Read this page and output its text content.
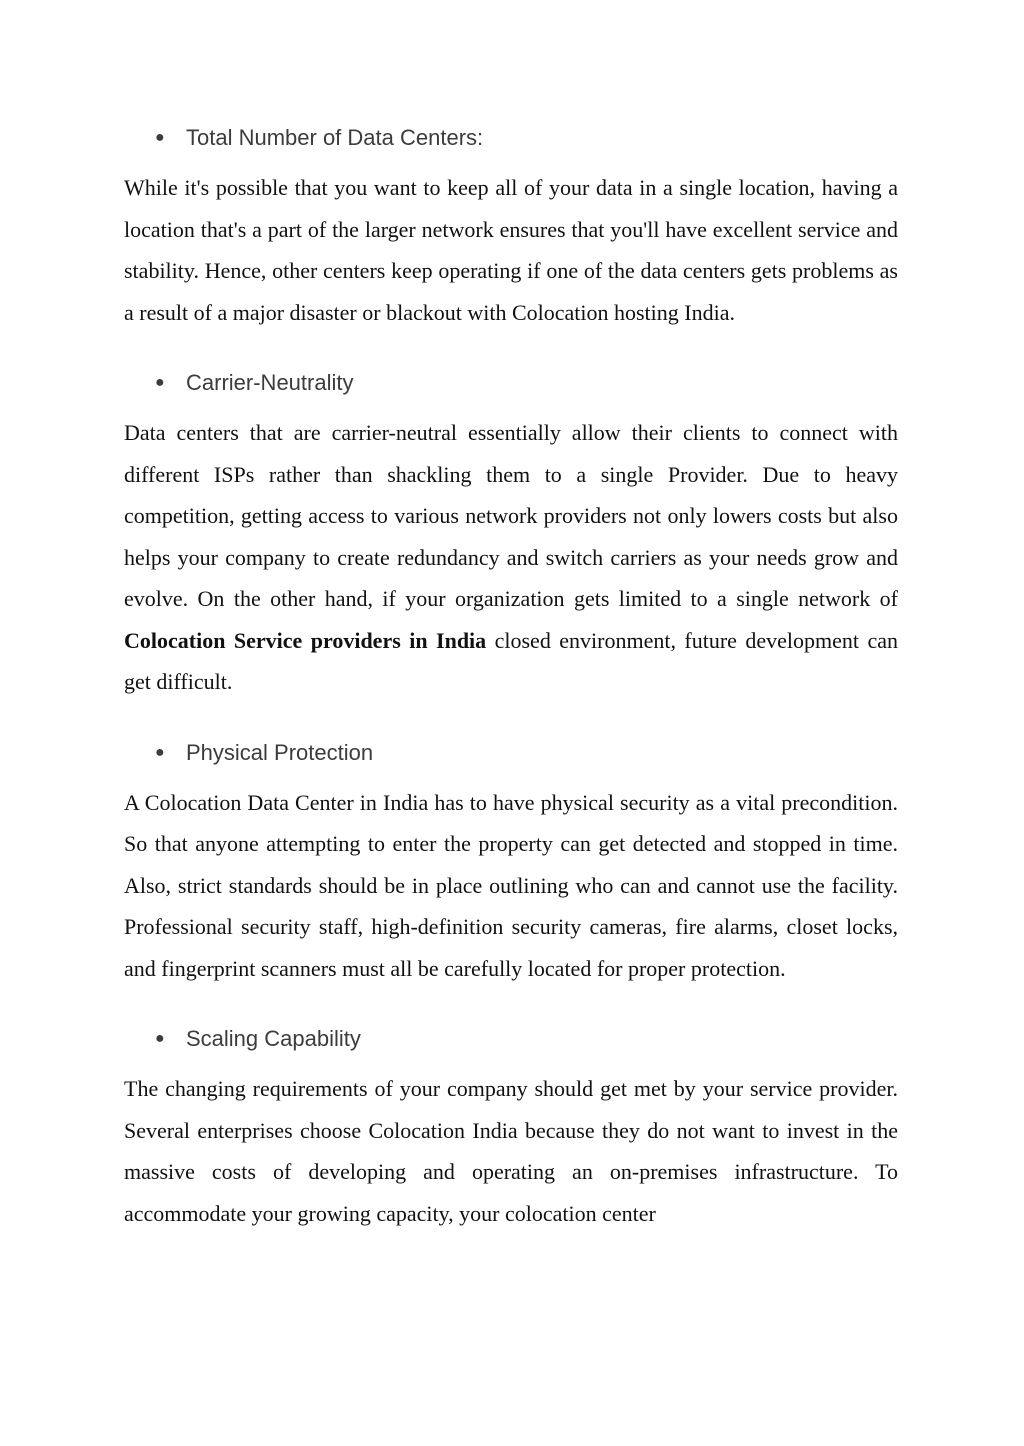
● Total Number of Data Centers:

While it's possible that you want to keep all of your data in a single location, having a location that's a part of the larger network ensures that you'll have excellent service and stability. Hence, other centers keep operating if one of the data centers gets problems as a result of a major disaster or blackout with Colocation hosting India.

● Carrier-Neutrality

Data centers that are carrier-neutral essentially allow their clients to connect with different ISPs rather than shackling them to a single Provider. Due to heavy competition, getting access to various network providers not only lowers costs but also helps your company to create redundancy and switch carriers as your needs grow and evolve. On the other hand, if your organization gets limited to a single network of Colocation Service providers in India closed environment, future development can get difficult.

● Physical Protection

A Colocation Data Center in India has to have physical security as a vital precondition. So that anyone attempting to enter the property can get detected and stopped in time. Also, strict standards should be in place outlining who can and cannot use the facility. Professional security staff, high-definition security cameras, fire alarms, closet locks, and fingerprint scanners must all be carefully located for proper protection.

● Scaling Capability

The changing requirements of your company should get met by your service provider. Several enterprises choose Colocation India because they do not want to invest in the massive costs of developing and operating an on-premises infrastructure. To accommodate your growing capacity, your colocation center
